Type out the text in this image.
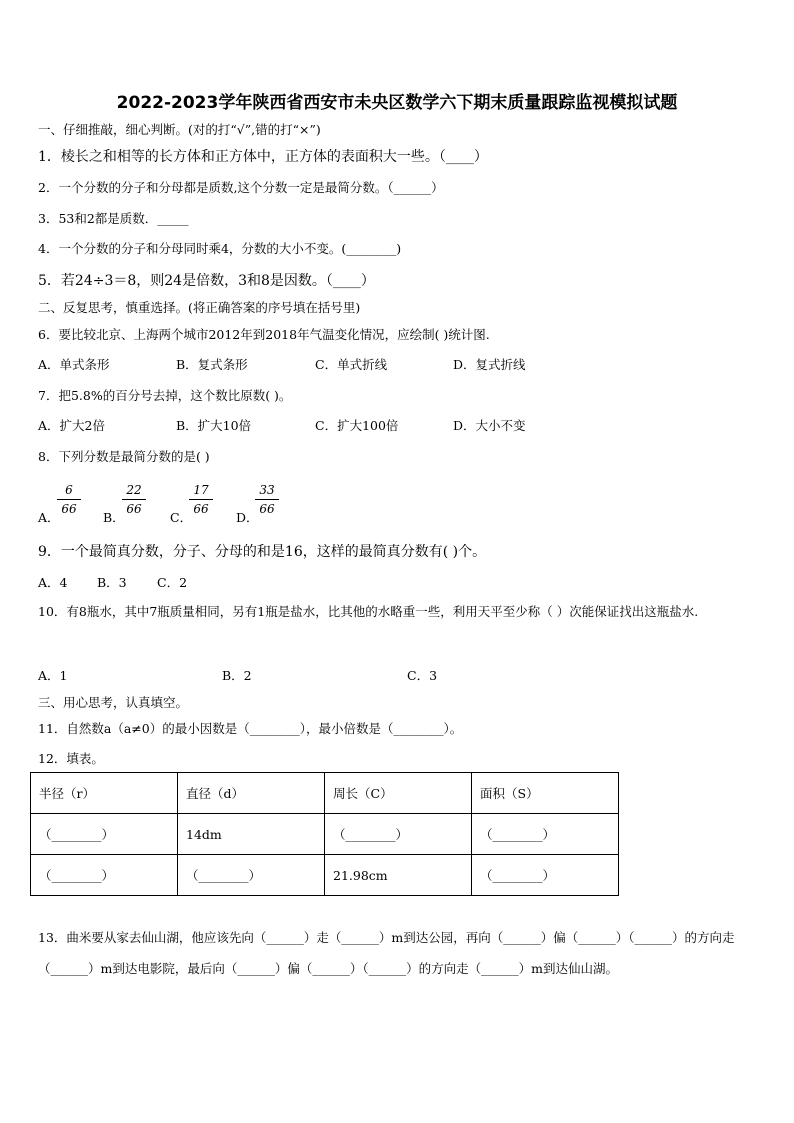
2022-2023学年陕西省西安市未央区数学六下期末质量跟踪监视模拟试题
一、仔细推敲，细心判断。(对的打“√”,错的打“×”)
1．棱长之和相等的长方体和正方体中，正方体的表面积大一些。（____）
2．一个分数的分子和分母都是质数,这个分数一定是最简分数。（______）
3．53和2都是质数．_____
4．一个分数的分子和分母同时乘4，分数的大小不变。(________)
5．若24÷3＝8，则24是倍数，3和8是因数。（____）
二、反复思考，慎重选择。(将正确答案的序号填在括号里)
6．要比较北京、上海两个城市2012年到2018年气温变化情况，应绘制( )统计图.
A．单式条形	B．复式条形	C．单式折线	D．复式折线
7．把5.8%的百分号去掉，这个数比原数( )。
A．扩大2倍	B．扩大10倍	C．扩大100倍	D．大小不变
8．下列分数是最简分数的是( )
A．
$\frac{6}{66}$
B．
$\frac{22}{66}$
C．
$\frac{17}{66}$
D．
$\frac{33}{66}$
9．一个最简真分数，分子、分母的和是16，这样的最简真分数有( )个。
A．4 B．3 C．2
10．有8瓶水，其中7瓶质量相同，另有1瓶是盐水，比其他的水略重一些，利用天平至少称（ ）次能保证找出这瓶盐水.
A．1	B．2	C．3
三、用心思考，认真填空。
11．自然数a（a≠0）的最小因数是（________），最小倍数是（________）。
12．填表。
半径（r）	直径（d）	周长（C）	面积（S）
（________）	14dm	（________）	（________）
（________）	（________）	21.98cm	（________）
13．曲米要从家去仙山湖，他应该先向（______）走（______）m到达公园，再向（______）偏（______）（______）的方向走（______）m到达电影院，最后向（______）偏（______）（______）的方向走（______）m到达仙山湖。
